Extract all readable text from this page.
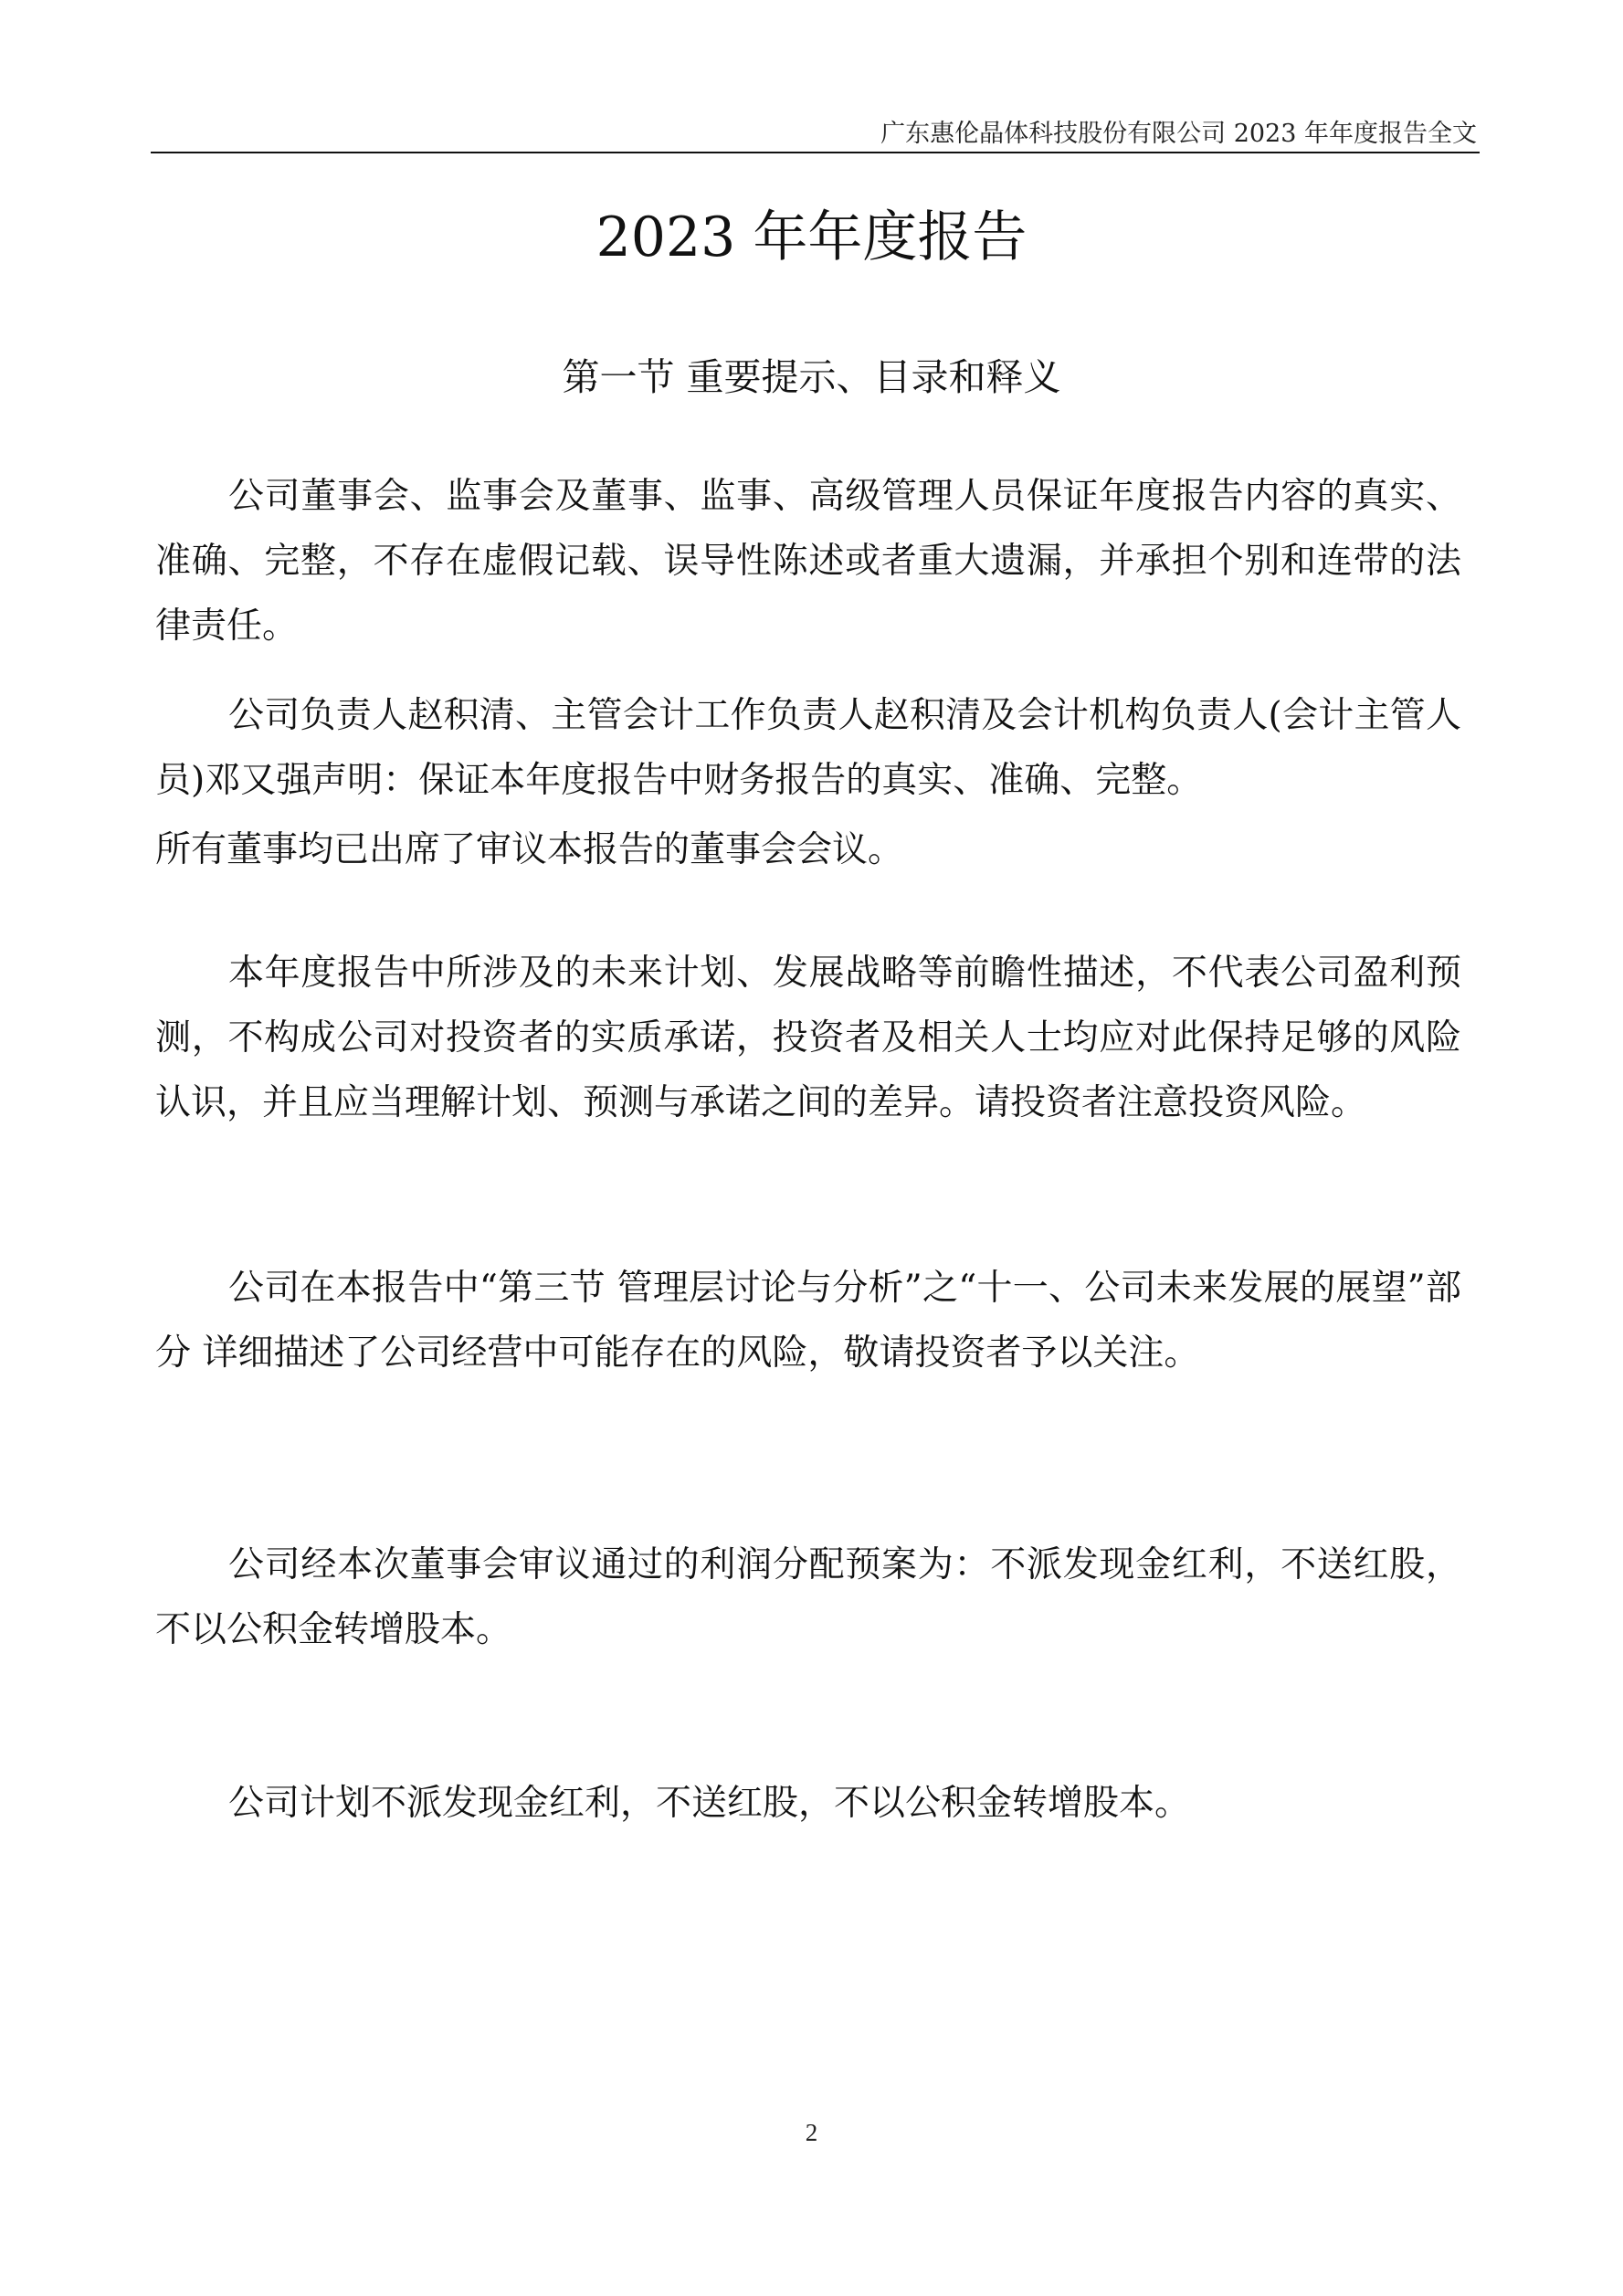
广东惠伦晶体科技股份有限公司 2023 年年度报告全文
2023 年年度报告
第一节 重要提示、目录和释义

公司董事会、监事会及董事、监事、高级管理人员保证年度报告内容的真实、准确、完整，不存在虚假记载、误导性陈述或者重大遗漏，并承担个别和连带的法律责任。

公司负责人赵积清、主管会计工作负责人赵积清及会计机构负责人(会计主管人员)邓又强声明：保证本年度报告中财务报告的真实、准确、完整。

所有董事均已出席了审议本报告的董事会会议。

本年度报告中所涉及的未来计划、发展战略等前瞻性描述，不代表公司盈利预测，不构成公司对投资者的实质承诺，投资者及相关人士均应对此保持足够的风险认识，并且应当理解计划、预测与承诺之间的差异。请投资者注意投资风险。

公司在本报告中“第三节 管理层讨论与分析”之“十一、公司未来发展的展望”部分 详细描述了公司经营中可能存在的风险，敬请投资者予以关注。

公司经本次董事会审议通过的利润分配预案为：不派发现金红利，不送红股，不以公积金转增股本。

公司计划不派发现金红利，不送红股，不以公积金转增股本。

2
